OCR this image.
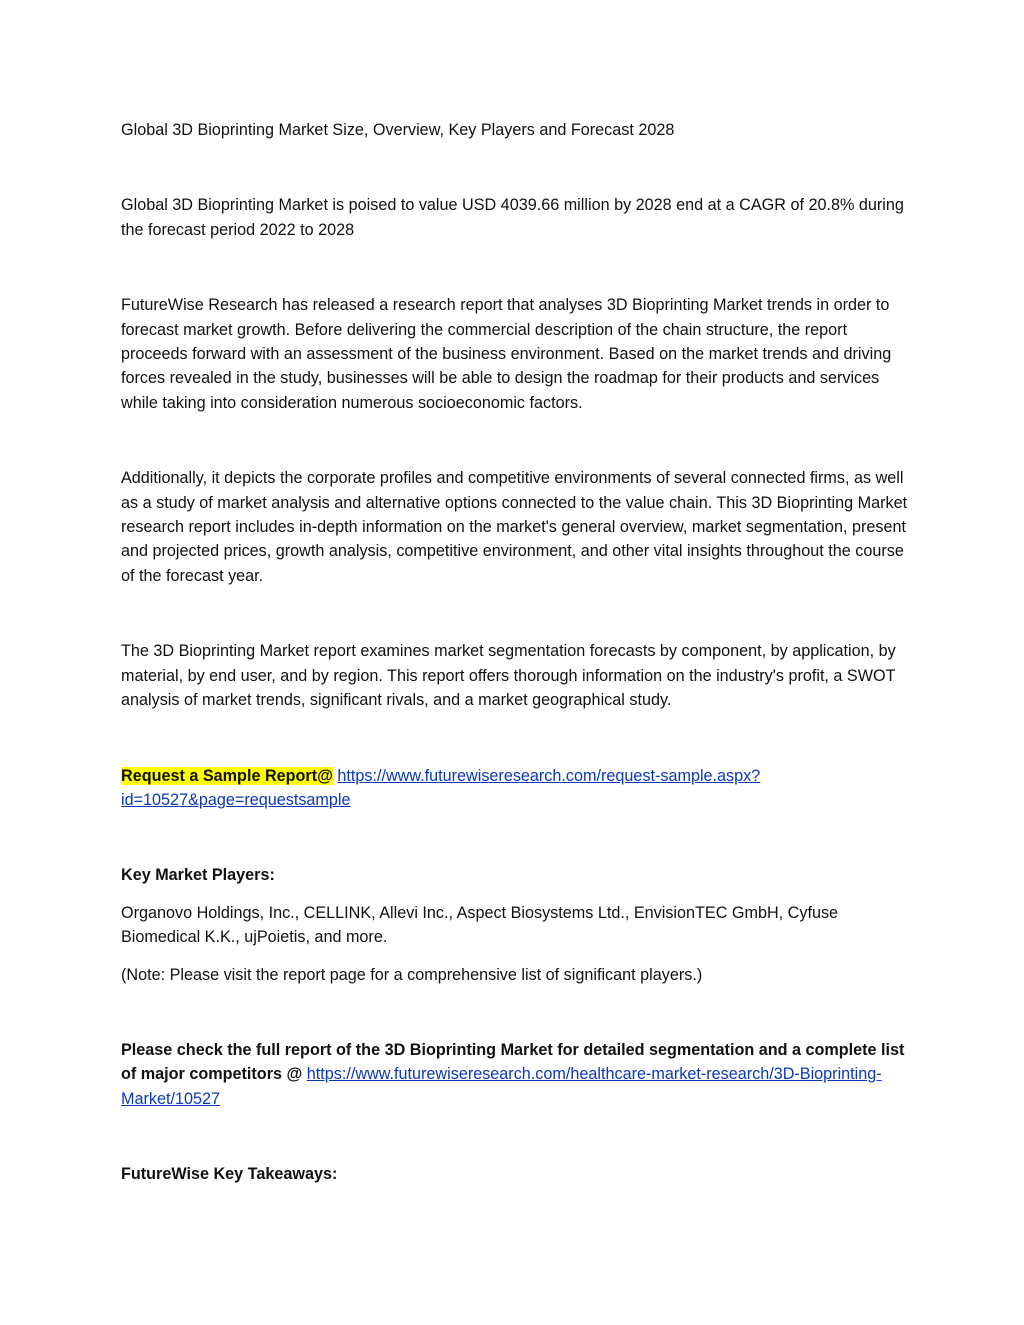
Global 3D Bioprinting Market Size, Overview, Key Players and Forecast 2028

Global 3D Bioprinting Market is poised to value USD 4039.66 million by 2028 end at a CAGR of 20.8% during the forecast period 2022 to 2028

FutureWise Research has released a research report that analyses 3D Bioprinting Market trends in order to forecast market growth. Before delivering the commercial description of the chain structure, the report proceeds forward with an assessment of the business environment. Based on the market trends and driving forces revealed in the study, businesses will be able to design the roadmap for their products and services while taking into consideration numerous socioeconomic factors.

Additionally, it depicts the corporate profiles and competitive environments of several connected firms, as well as a study of market analysis and alternative options connected to the value chain. This 3D Bioprinting Market research report includes in-depth information on the market's general overview, market segmentation, present and projected prices, growth analysis, competitive environment, and other vital insights throughout the course of the forecast year.

The 3D Bioprinting Market report examines market segmentation forecasts by component, by application, by material, by end user, and by region. This report offers thorough information on the industry's profit, a SWOT analysis of market trends, significant rivals, and a market geographical study.

Request a Sample Report@ https://www.futurewiseresearch.com/request-sample.aspx?id=10527&page=requestsample

Key Market Players:

Organovo Holdings, Inc., CELLINK, Allevi Inc., Aspect Biosystems Ltd., EnvisionTEC GmbH, Cyfuse Biomedical K.K., ujPoietis, and more.

(Note: Please visit the report page for a comprehensive list of significant players.)

Please check the full report of the 3D Bioprinting Market for detailed segmentation and a complete list of major competitors @ https://www.futurewiseresearch.com/healthcare-market-research/3D-Bioprinting-Market/10527

FutureWise Key Takeaways:
